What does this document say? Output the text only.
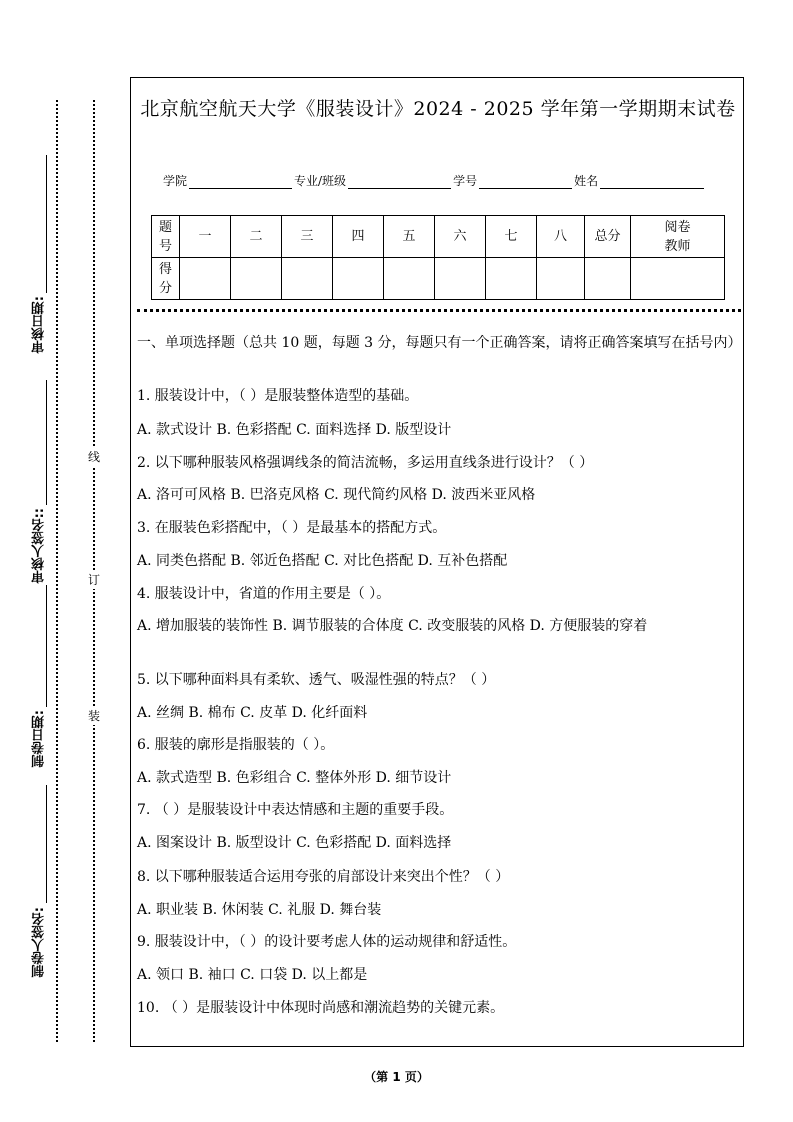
审核日期:
审核人签名::
制卷日期:
制卷人签名:
线
订
装
北京航空航天大学《服装设计》2024 - 2025 学年第一学期期末试卷
学院	专业/班级	学号	姓名
题号	一	二	三	四	五	六	七	八	总分	阅卷教师
得分										

一、单项选择题（总共 10 题，每题 3 分，每题只有一个正确答案，请将正确答案填写在括号内）

1. 服装设计中，（ ）是服装整体造型的基础。

A. 款式设计 B. 色彩搭配 C. 面料选择 D. 版型设计

2. 以下哪种服装风格强调线条的简洁流畅，多运用直线条进行设计？（ ）

A. 洛可可风格 B. 巴洛克风格 C. 现代简约风格 D. 波西米亚风格

3. 在服装色彩搭配中，（ ）是最基本的搭配方式。

A. 同类色搭配 B. 邻近色搭配 C. 对比色搭配 D. 互补色搭配

4. 服装设计中，省道的作用主要是（ ）。

A. 增加服装的装饰性 B. 调节服装的合体度 C. 改变服装的风格 D. 方便服装的穿着

5. 以下哪种面料具有柔软、透气、吸湿性强的特点？（ ）

A. 丝绸 B. 棉布 C. 皮革 D. 化纤面料

6. 服装的廓形是指服装的（ ）。

A. 款式造型 B. 色彩组合 C. 整体外形 D. 细节设计

7. （ ）是服装设计中表达情感和主题的重要手段。

A. 图案设计 B. 版型设计 C. 色彩搭配 D. 面料选择

8. 以下哪种服装适合运用夸张的肩部设计来突出个性？（ ）

A. 职业装 B. 休闲装 C. 礼服 D. 舞台装

9. 服装设计中，（ ）的设计要考虑人体的运动规律和舒适性。

A. 领口 B. 袖口 C. 口袋 D. 以上都是

10. （ ）是服装设计中体现时尚感和潮流趋势的关键元素。

（第 1 页）
